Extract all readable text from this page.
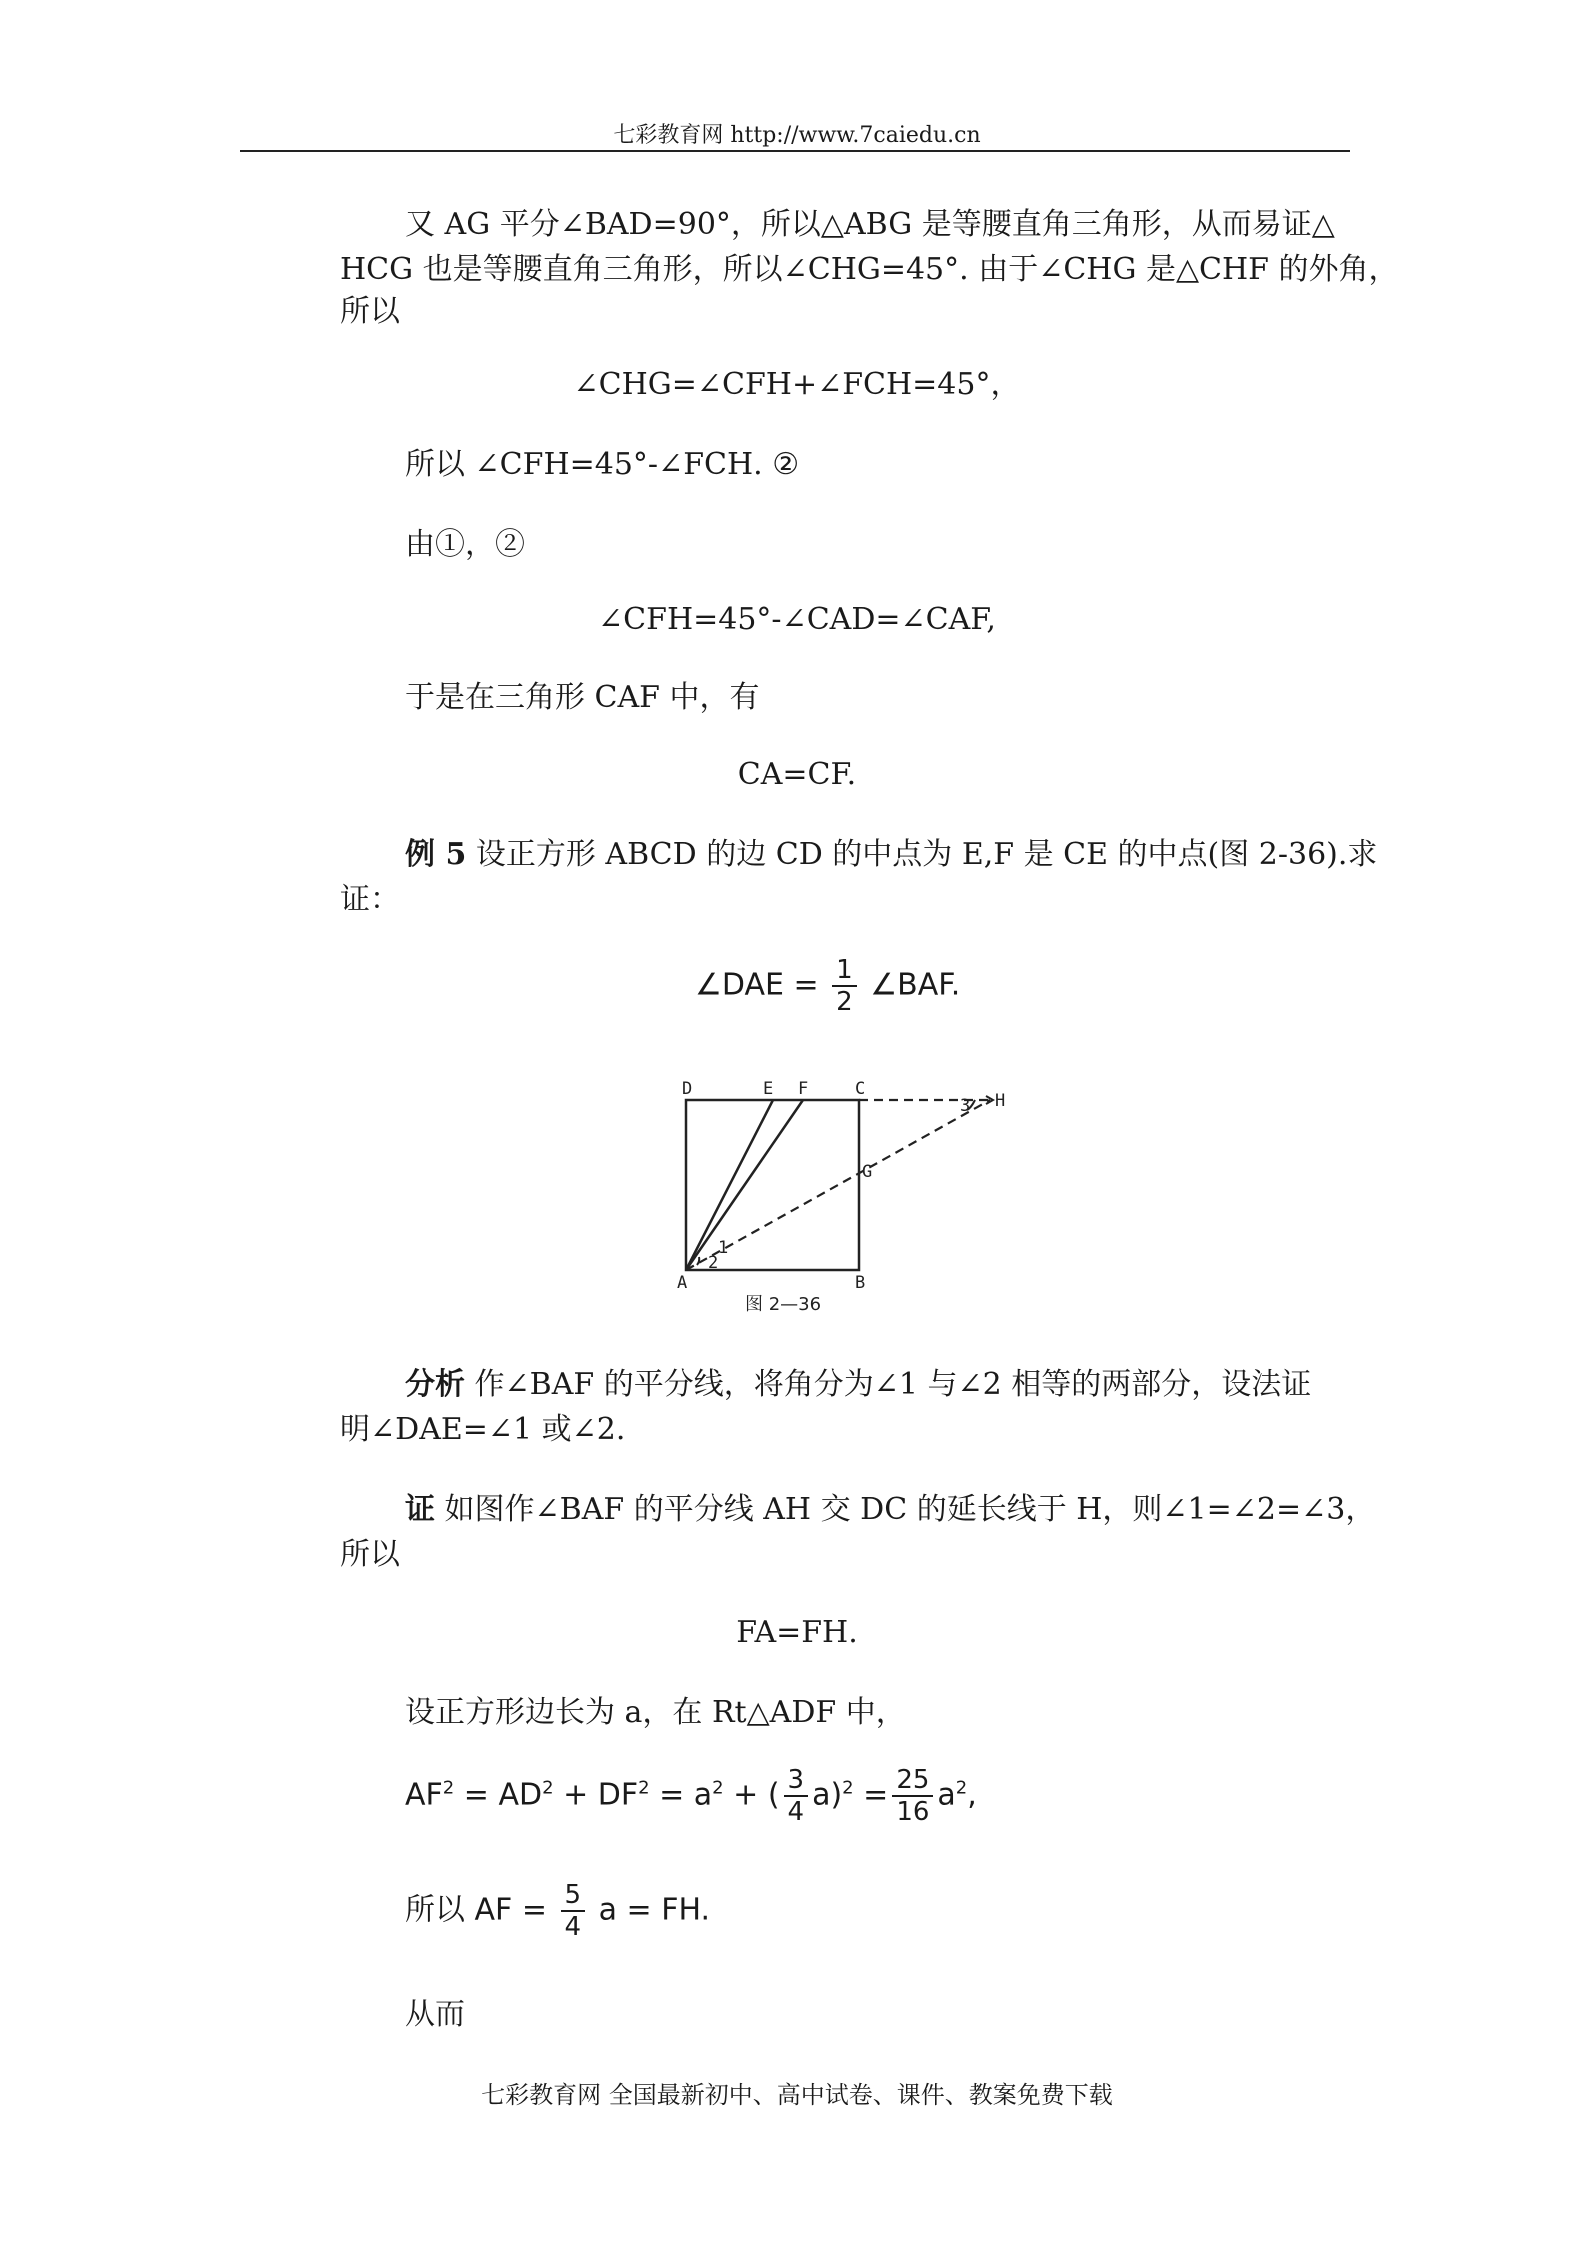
七彩教育网 http://www.7caiedu.cn
又 AG 平分∠BAD=90°，所以△ABG 是等腰直角三角形，从而易证△
HCG 也是等腰直角三角形，所以∠CHG=45°. 由于∠CHG 是△CHF 的外角，
所以
∠CHG=∠CFH+∠FCH=45°，
所以 ∠CFH=45°-∠FCH. ②
由①，②
∠CFH=45°-∠CAD=∠CAF,
于是在三角形 CAF 中，有
CA=CF.
例 5 设正方形 ABCD 的边 CD 的中点为 E,F 是 CE 的中点(图 2-36).求
证：
∠DAE = $\frac{1}{2}$ ∠BAF.
D	E F	C
H
G
A	B
1
2
3
图 2—36
分析 作∠BAF 的平分线，将角分为∠1 与∠2 相等的两部分，设法证
明∠DAE=∠1 或∠2.
证 如图作∠BAF 的平分线 AH 交 DC 的延长线于 H，则∠1=∠2=∠3，
所以
FA=FH.
设正方形边长为 a，在 Rt△ADF 中，
$AF^2 = AD^2 + DF^2 = a^2$ + ( $\frac{3}{4} a)^2 = \frac{25}{16} a^2$,
所以 AF = $\frac{5}{4}$ a = FH.
从而
七彩教育网 全国最新初中、高中试卷、课件、教案免费下载
